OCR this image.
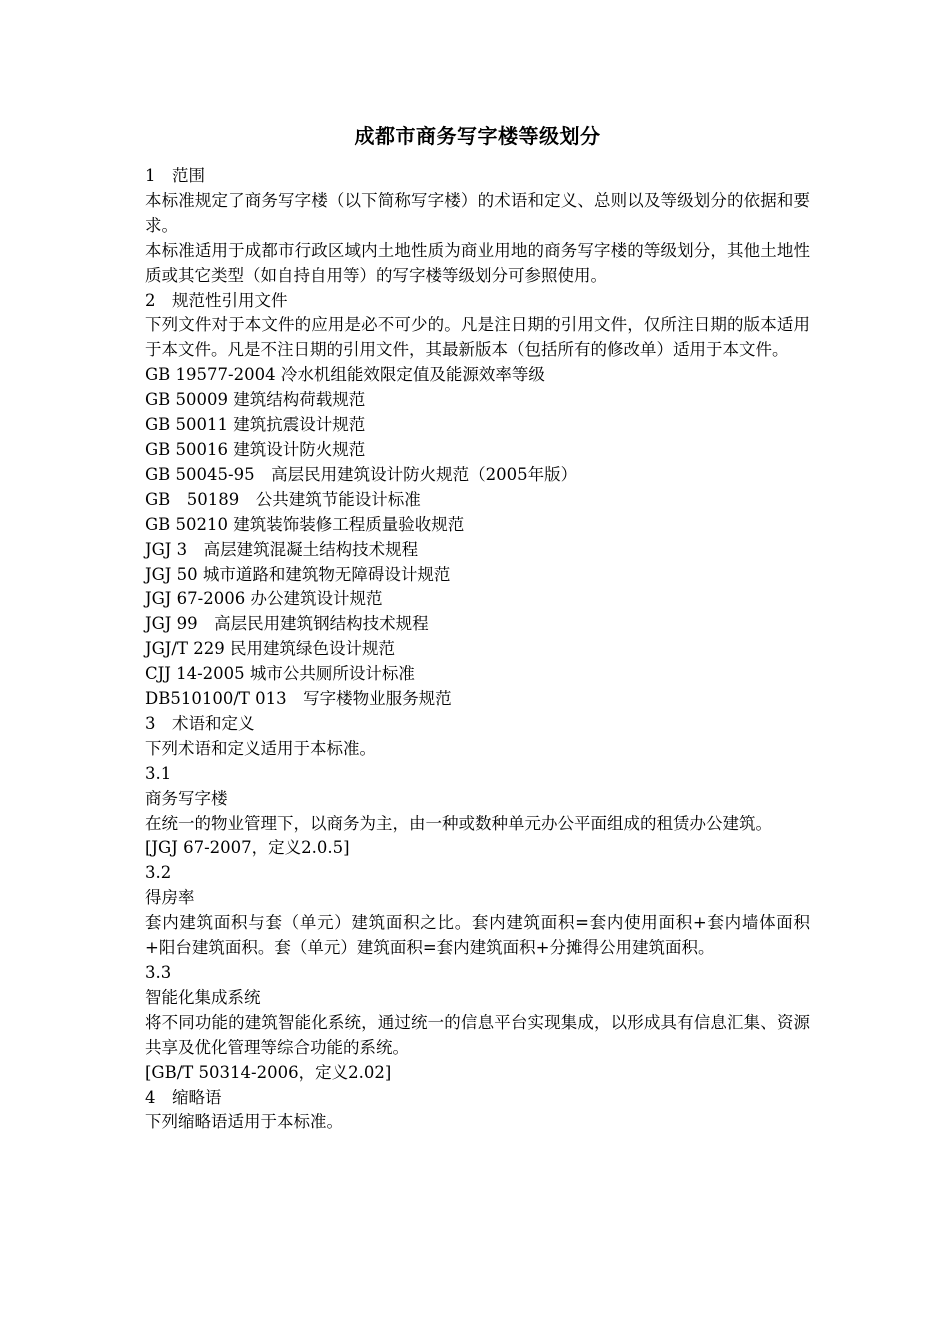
成都市商务写字楼等级划分

1　范围

本标准规定了商务写字楼（以下简称写字楼）的术语和定义、总则以及等级划分的依据和要求。

本标准适用于成都市行政区域内土地性质为商业用地的商务写字楼的等级划分，其他土地性质或其它类型（如自持自用等）的写字楼等级划分可参照使用。

2　规范性引用文件

下列文件对于本文件的应用是必不可少的。凡是注日期的引用文件，仅所注日期的版本适用于本文件。凡是不注日期的引用文件，其最新版本（包括所有的修改单）适用于本文件。

GB 19577-2004 冷水机组能效限定值及能源效率等级

GB 50009 建筑结构荷载规范

GB 50011 建筑抗震设计规范

GB 50016 建筑设计防火规范

GB 50045-95　高层民用建筑设计防火规范（2005年版）

GB　50189　公共建筑节能设计标准

GB 50210 建筑装饰装修工程质量验收规范

JGJ 3　高层建筑混凝土结构技术规程

JGJ 50 城市道路和建筑物无障碍设计规范

JGJ 67-2006 办公建筑设计规范

JGJ 99　高层民用建筑钢结构技术规程

JGJ/T 229 民用建筑绿色设计规范

CJJ 14-2005 城市公共厕所设计标准

DB510100/T 013　写字楼物业服务规范

3　术语和定义

下列术语和定义适用于本标准。

3.1

商务写字楼

在统一的物业管理下，以商务为主，由一种或数种单元办公平面组成的租赁办公建筑。

[JGJ 67-2007，定义2.0.5]

3.2

得房率

套内建筑面积与套（单元）建筑面积之比。套内建筑面积=套内使用面积+套内墙体面积+阳台建筑面积。套（单元）建筑面积=套内建筑面积+分摊得公用建筑面积。

3.3

智能化集成系统

将不同功能的建筑智能化系统，通过统一的信息平台实现集成，以形成具有信息汇集、资源共享及优化管理等综合功能的系统。

[GB/T 50314-2006，定义2.02]

4　缩略语

下列缩略语适用于本标准。
